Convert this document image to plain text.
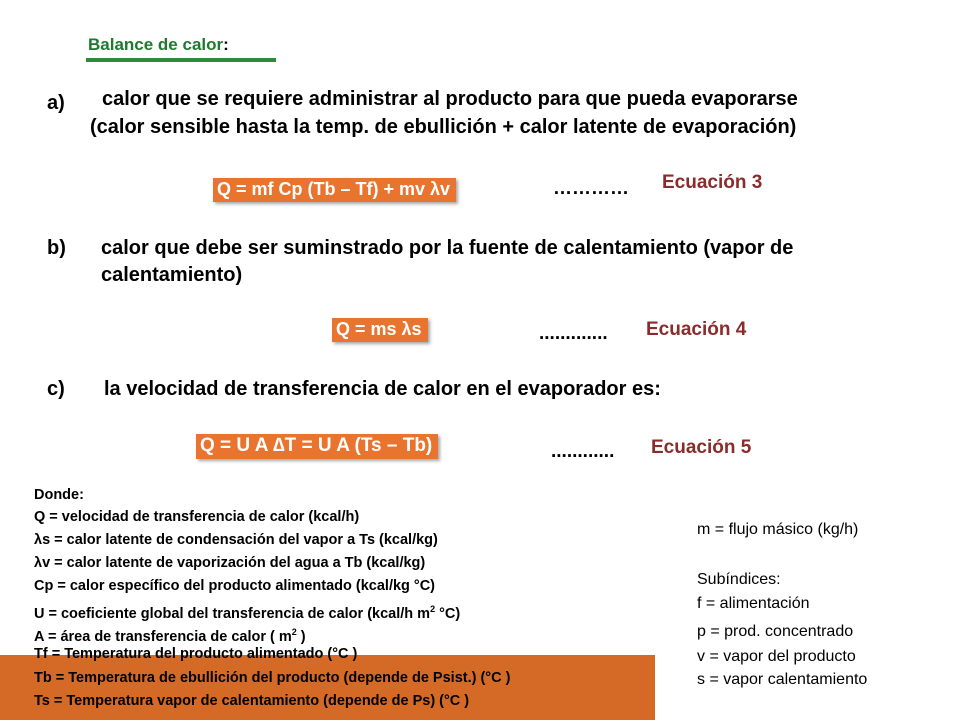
Balance de calor:
a) calor que se requiere administrar al producto para que pueda evaporarse
(calor sensible hasta la temp. de ebullición + calor latente de evaporación)
Q = mf Cp (Tb – Tf) + mv λv	………… Ecuación 3
b) calor que debe ser suminstrado por la fuente de calentamiento (vapor de
calentamiento)
Q = ms λs	............. Ecuación 4
c) la velocidad de transferencia de calor en el evaporador es:
Q = U A ∆T = U A (Ts – Tb)	............ Ecuación 5
Donde:
Q = velocidad de transferencia de calor (kcal/h)
λs = calor latente de condensación del vapor a Ts (kcal/kg)
λv = calor latente de vaporización del agua a Tb (kcal/kg)
Cp = calor específico del producto alimentado (kcal/kg °C)
U = coeficiente global del transferencia de calor (kcal/h $m^2$ °C)
A = área de transferencia de calor ( $m^2$ )
Tf = Temperatura del producto alimentado (°C )
Tb = Temperatura de ebullición del producto (depende de Psist.) (°C )
Ts = Temperatura vapor de calentamiento (depende de Ps) (°C )
m = flujo másico (kg/h)
Subíndices:
f = alimentación
p = prod. concentrado
v = vapor del producto
s = vapor calentamiento
